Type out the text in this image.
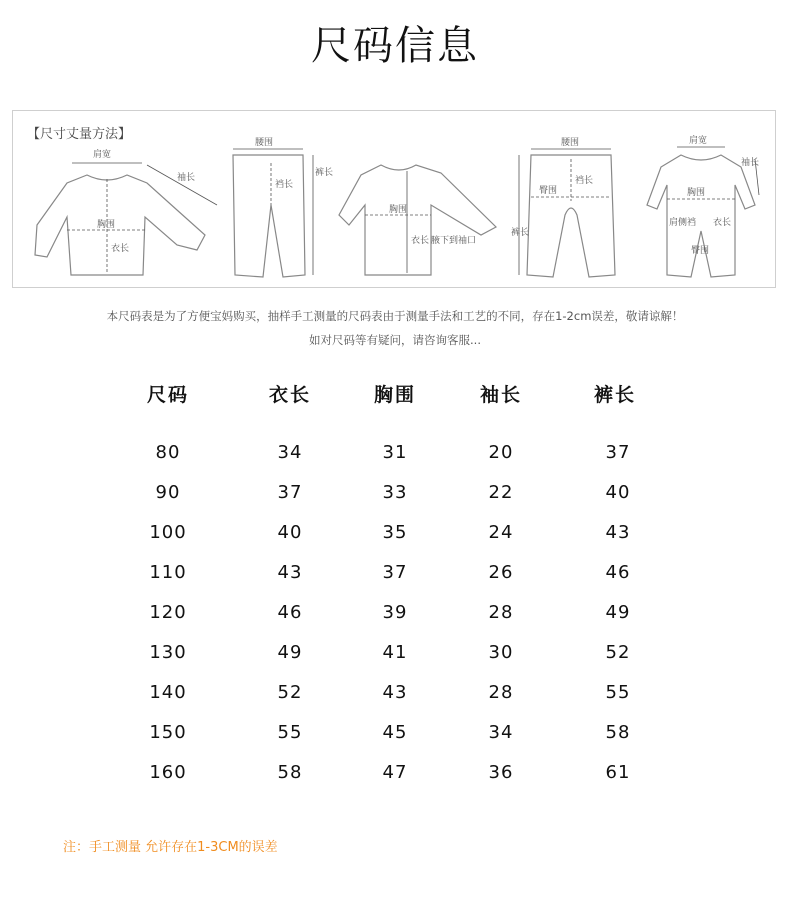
尺码信息
【尺寸丈量方法】
肩宽
胸围
衣长
袖长
腰围
裆长
裤长
胸围
衣长 腋下到袖口
腰围
裆长
臀围
裤长
肩宽
胸围
肩侧裆 衣长
臀围
袖长
本尺码表是为了方便宝妈购买，抽样手工测量的尺码表由于测量手法和工艺的不同，存在1-2cm误差，敬请谅解！
如对尺码等有疑问，请咨询客服...
尺码	衣长	胸围	袖长	裤长
80	34	31	20	37
90	37	33	22	40
100	40	35	24	43
110	43	37	26	46
120	46	39	28	49
130	49	41	30	52
140	52	43	28	55
150	55	45	34	58
160	58	47	36	61
注：手工测量 允许存在1-3CM的误差
